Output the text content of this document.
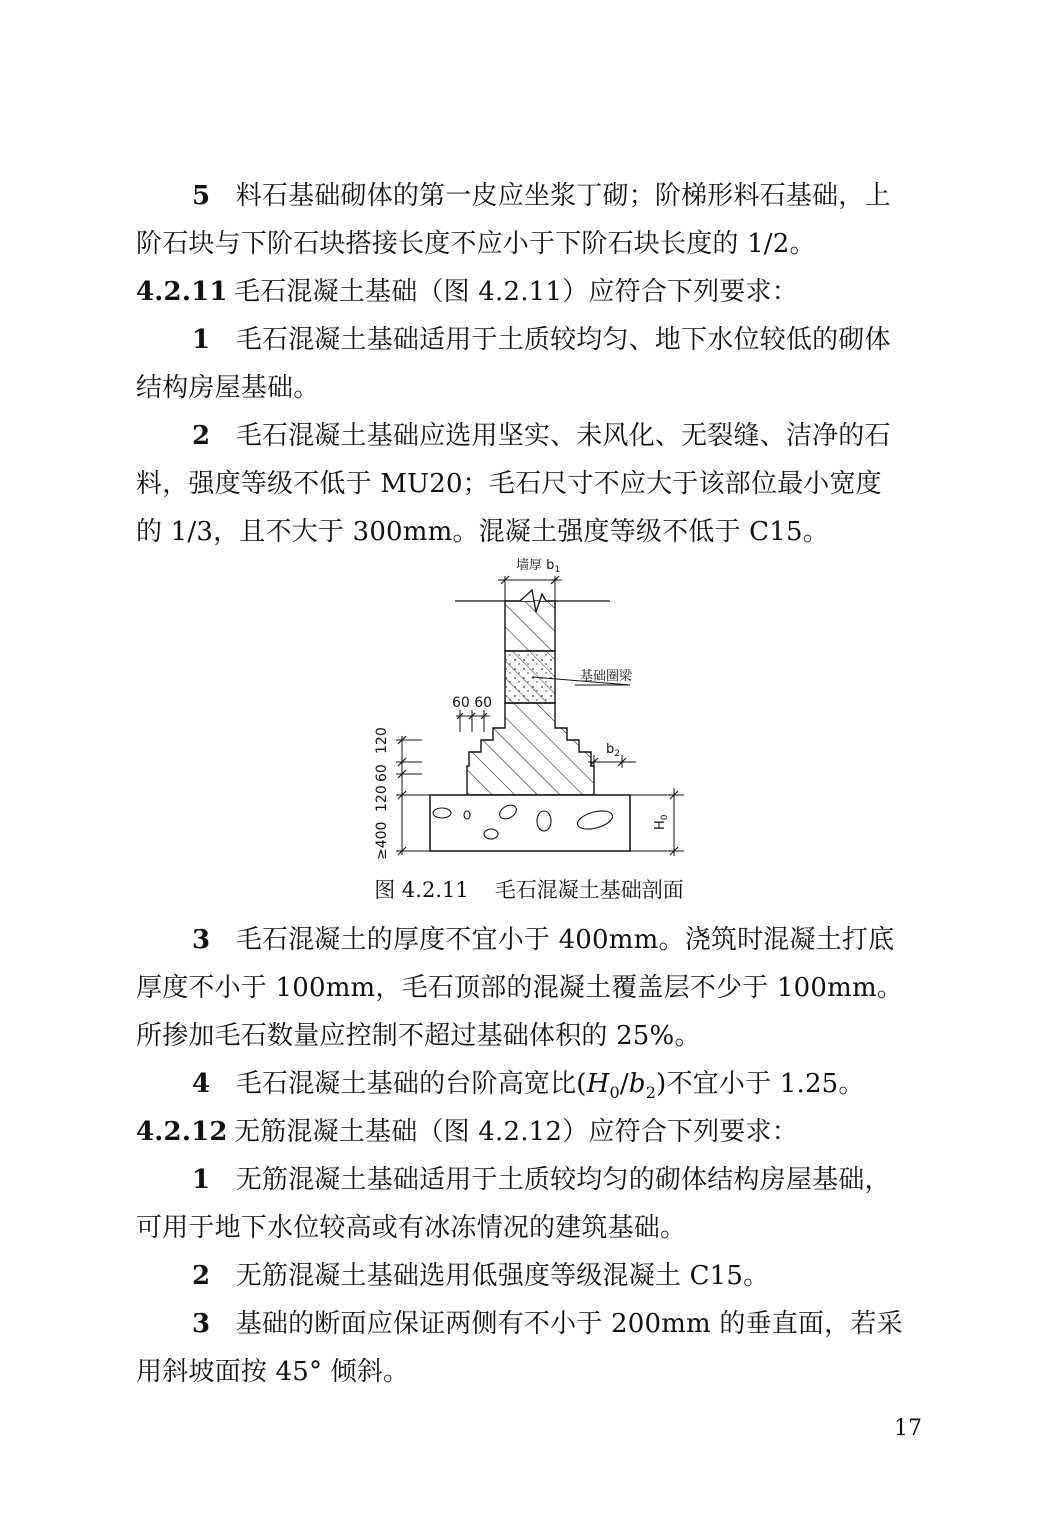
5 料石基础砌体的第一皮应坐浆丁砌；阶梯形料石基础，上
阶石块与下阶石块搭接长度不应小于下阶石块长度的 1/2。
4.2.11 毛石混凝土基础（图 4.2.11）应符合下列要求：
1 毛石混凝土基础适用于土质较均匀、地下水位较低的砌体
结构房屋基础。
2 毛石混凝土基础应选用坚实、未风化、无裂缝、洁净的石
料，强度等级不低于 MU20；毛石尺寸不应大于该部位最小宽度
的 1/3，且不大于 300mm。混凝土强度等级不低于 C15。
墙厚 $b_1$
基础圈梁
60 60
$b_2$
120
60
120
≥400	$H_0$
图 4.2.11 毛石混凝土基础剖面
3 毛石混凝土的厚度不宜小于 400mm。浇筑时混凝土打底
厚度不小于 100mm，毛石顶部的混凝土覆盖层不少于 100mm。
所掺加毛石数量应控制不超过基础体积的 25%。
4 毛石混凝土基础的台阶高宽比$(H_0/b_2)$不宜小于 1.25。
4.2.12 无筋混凝土基础（图 4.2.12）应符合下列要求：
1 无筋混凝土基础适用于土质较均匀的砌体结构房屋基础，
可用于地下水位较高或有冰冻情况的建筑基础。
2 无筋混凝土基础选用低强度等级混凝土 C15。
3 基础的断面应保证两侧有不小于 200mm 的垂直面，若采
用斜坡面按 45° 倾斜。
17
